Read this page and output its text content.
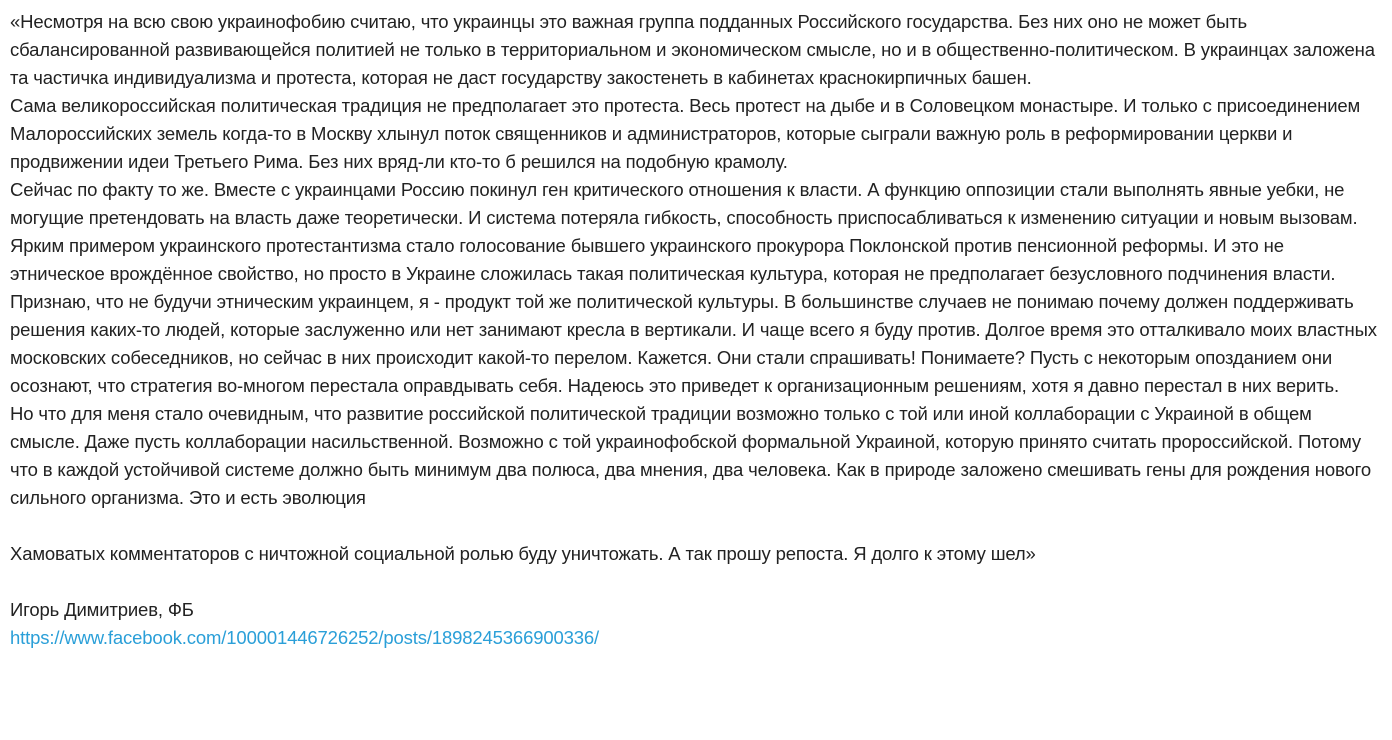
«Несмотря на всю свою украинофобию считаю, что украинцы это важная группа подданных Российского государства. Без них оно не может быть сбалансированной развивающейся политией не только в территориальном и экономическом смысле, но и в общественно-политическом. В украинцах заложена та частичка индивидуализма и протеста, которая не даст государству закостенеть в кабинетах краснокирпичных башен.

Сама великороссийская политическая традиция не предполагает это протеста. Весь протест на дыбе и в Соловецком монастыре. И только с присоединением Малороссийских земель когда-то в Москву хлынул поток священников и администраторов, которые сыграли важную роль в реформировании церкви и продвижении идеи Третьего Рима. Без них вряд-ли кто-то б решился на подобную крамолу.

Сейчас по факту то же. Вместе с украинцами Россию покинул ген критического отношения к власти. А функцию оппозиции стали выполнять явные уебки, не могущие претендовать на власть даже теоретически. И система потеряла гибкость, способность приспосабливаться к изменению ситуации и новым вызовам.

Ярким примером украинского протестантизма стало голосование бывшего украинского прокурора Поклонской против пенсионной реформы. И это не этническое врождённое свойство, но просто в Украине сложилась такая политическая культура, которая не предполагает безусловного подчинения власти.

Признаю, что не будучи этническим украинцем, я - продукт той же политической культуры. В большинстве случаев не понимаю почему должен поддерживать решения каких-то людей, которые заслуженно или нет занимают кресла в вертикали. И чаще всего я буду против. Долгое время это отталкивало моих властных московских собеседников, но сейчас в них происходит какой-то перелом. Кажется. Они стали спрашивать! Понимаете? Пусть с некоторым опозданием они осознают, что стратегия во-многом перестала оправдывать себя. Надеюсь это приведет к организационным решениям, хотя я давно перестал в них верить.

Но что для меня стало очевидным, что развитие российской политической традиции возможно только с той или иной коллаборации с Украиной в общем смысле. Даже пусть коллаборации насильственной. Возможно с той украинофобской формальной Украиной, которую принято считать пророссийской. Потому что в каждой устойчивой системе должно быть минимум два полюса, два мнения, два человека. Как в природе заложено смешивать гены для рождения нового сильного организма. Это и есть эволюция

Хамоватых комментаторов с ничтожной социальной ролью буду уничтожать. А так прошу репоста. Я долго к этому шел»

Игорь Димитриев, ФБ

https://www.facebook.com/100001446726252/posts/1898245366900336/
